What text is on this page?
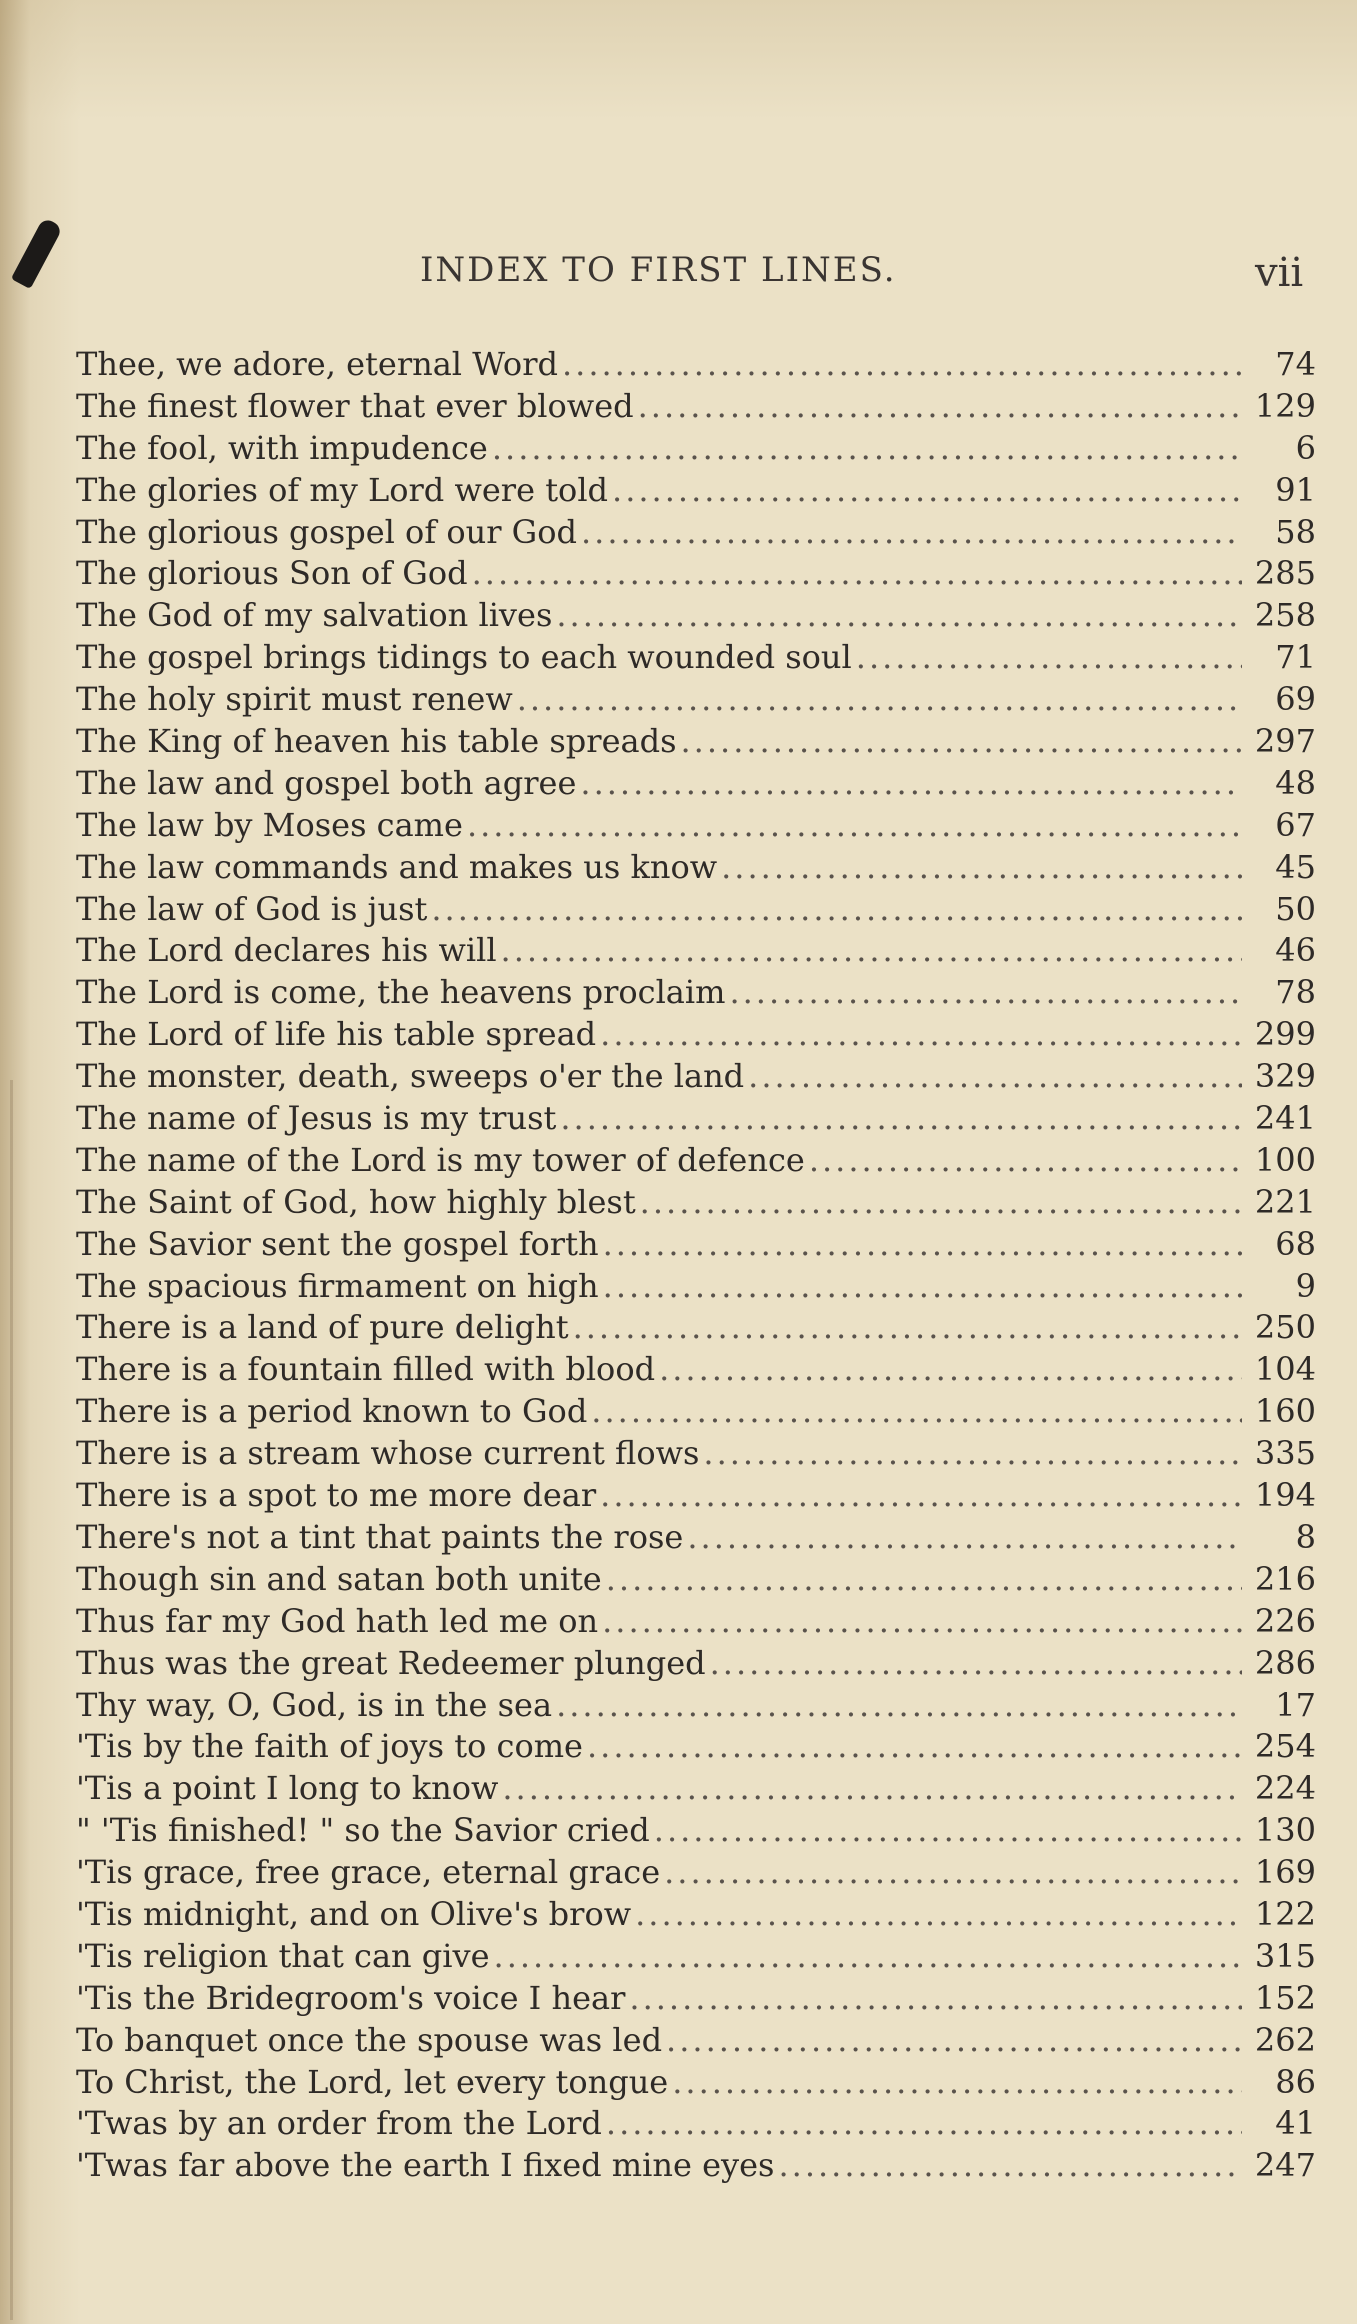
INDEX TO FIRST LINES.	vii
Thee, we adore, eternal Word .....	74
The finest flower that ever blowed .....	129
The fool, with impudence .....	6
The glories of my Lord were told .....	91
The glorious gospel of our God .....	58
The glorious Son of God .....	285
The God of my salvation lives .....	258
The gospel brings tidings to each wounded soul .....	71
The holy spirit must renew .....	69
The King of heaven his table spreads .....	297
The law and gospel both agree .....	48
The law by Moses came .....	67
The law commands and makes us know .....	45
The law of God is just .....	50
The Lord declares his will .....	46
The Lord is come, the heavens proclaim .....	78
The Lord of life his table spread .....	299
The monster, death, sweeps o'er the land .....	329
The name of Jesus is my trust .....	241
The name of the Lord is my tower of defence .....	100
The Saint of God, how highly blest .....	221
The Savior sent the gospel forth .....	68
The spacious firmament on high .....	9
There is a land of pure delight .....	250
There is a fountain filled with blood .....	104
There is a period known to God .....	160
There is a stream whose current flows .....	335
There is a spot to me more dear .....	194
There's not a tint that paints the rose .....	8
Though sin and satan both unite .....	216
Thus far my God hath led me on .....	226
Thus was the great Redeemer plunged .....	286
Thy way, O, God, is in the sea .....	17
'Tis by the faith of joys to come .....	254
'Tis a point I long to know .....	224
" 'Tis finished! " so the Savior cried .....	130
'Tis grace, free grace, eternal grace .....	169
'Tis midnight, and on Olive's brow .....	122
'Tis religion that can give .....	315
'Tis the Bridegroom's voice I hear .....	152
To banquet once the spouse was led .....	262
To Christ, the Lord, let every tongue .....	86
'Twas by an order from the Lord .....	41
'Twas far above the earth I fixed mine eyes .....	247
